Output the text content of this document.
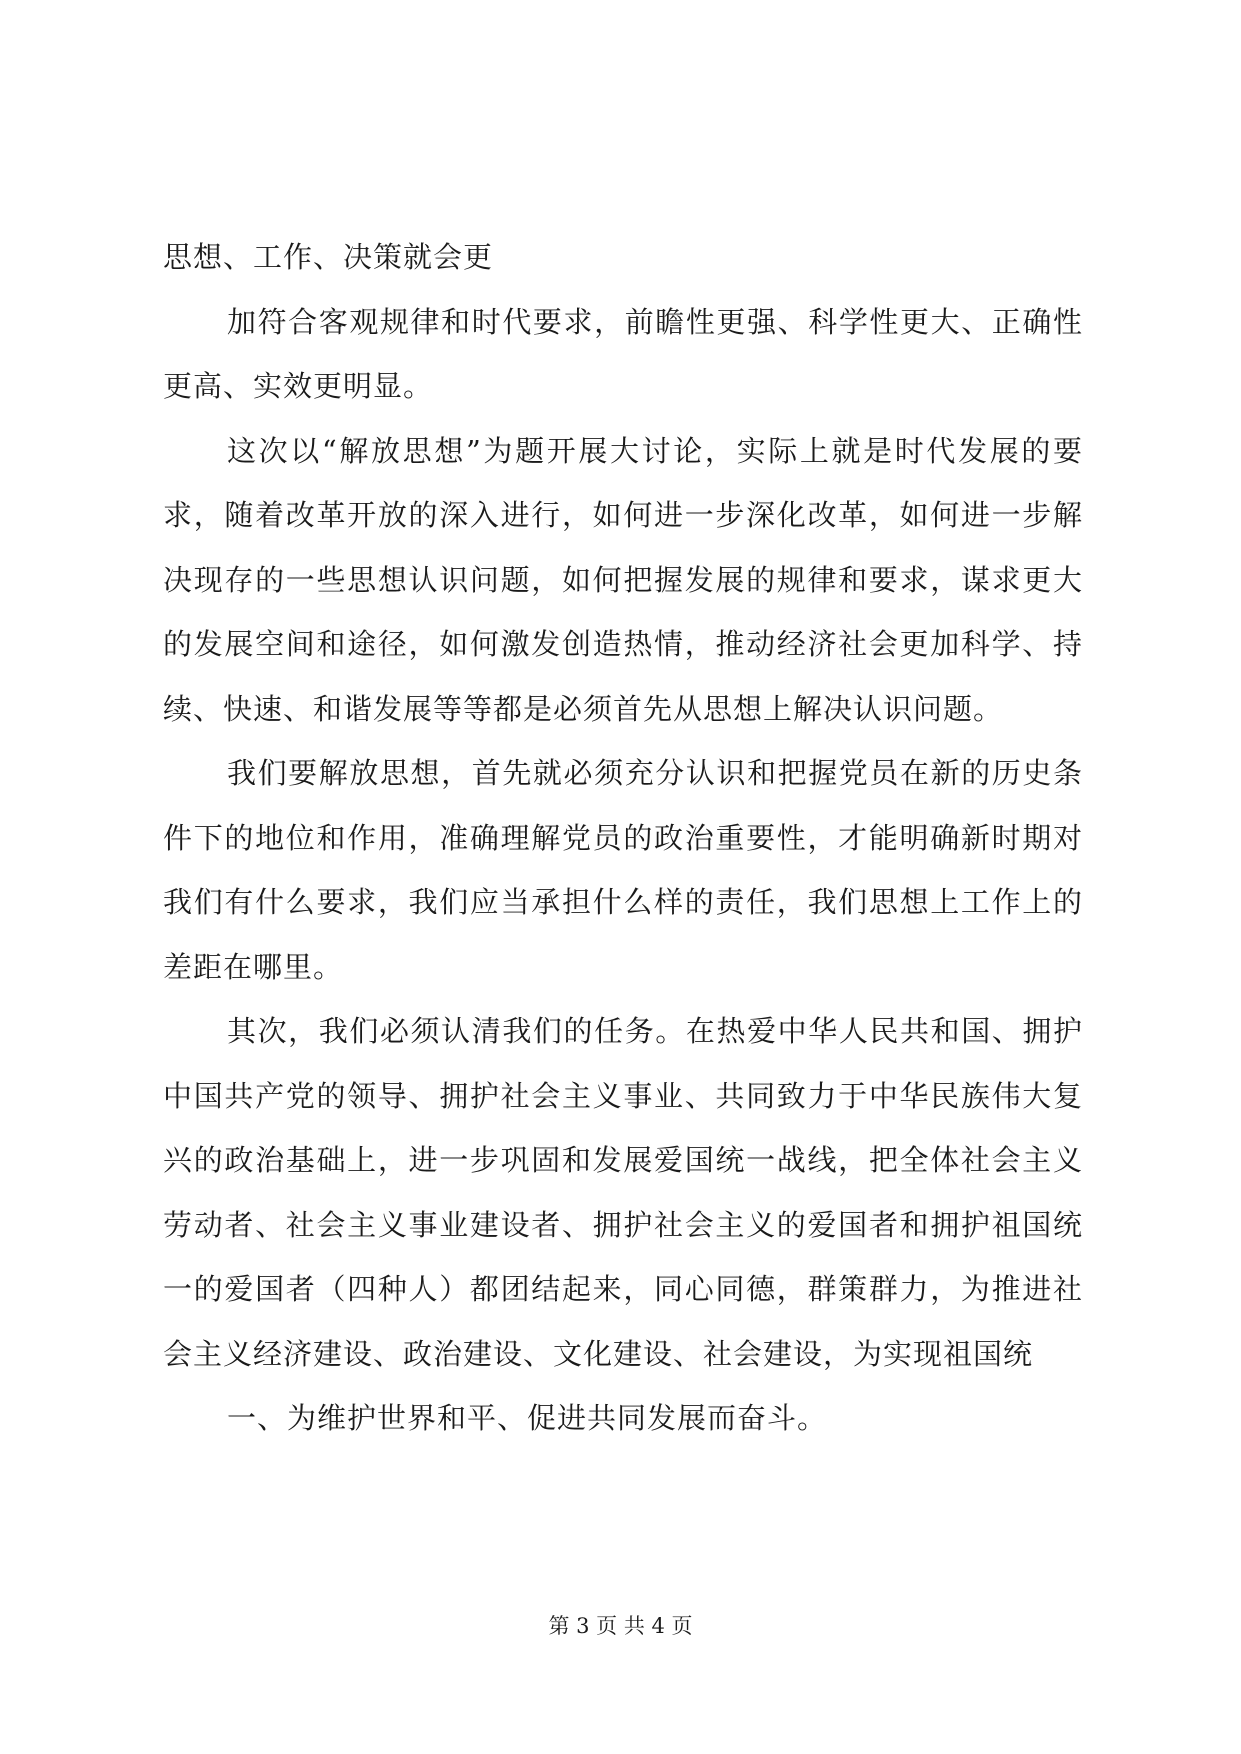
思想、工作、决策就会更

加符合客观规律和时代要求，前瞻性更强、科学性更大、正确性更高、实效更明显。

这次以“解放思想”为题开展大讨论，实际上就是时代发展的要求，随着改革开放的深入进行，如何进一步深化改革，如何进一步解决现存的一些思想认识问题，如何把握发展的规律和要求，谋求更大的发展空间和途径，如何激发创造热情，推动经济社会更加科学、持续、快速、和谐发展等等都是必须首先从思想上解决认识问题。

我们要解放思想，首先就必须充分认识和把握党员在新的历史条件下的地位和作用，准确理解党员的政治重要性，才能明确新时期对我们有什么要求，我们应当承担什么样的责任，我们思想上工作上的差距在哪里。

其次，我们必须认清我们的任务。在热爱中华人民共和国、拥护中国共产党的领导、拥护社会主义事业、共同致力于中华民族伟大复兴的政治基础上，进一步巩固和发展爱国统一战线，把全体社会主义劳动者、社会主义事业建设者、拥护社会主义的爱国者和拥护祖国统一的爱国者（四种人）都团结起来，同心同德，群策群力，为推进社会主义经济建设、政治建设、文化建设、社会建设，为实现祖国统

一、为维护世界和平、促进共同发展而奋斗。

第 3 页 共 4 页
